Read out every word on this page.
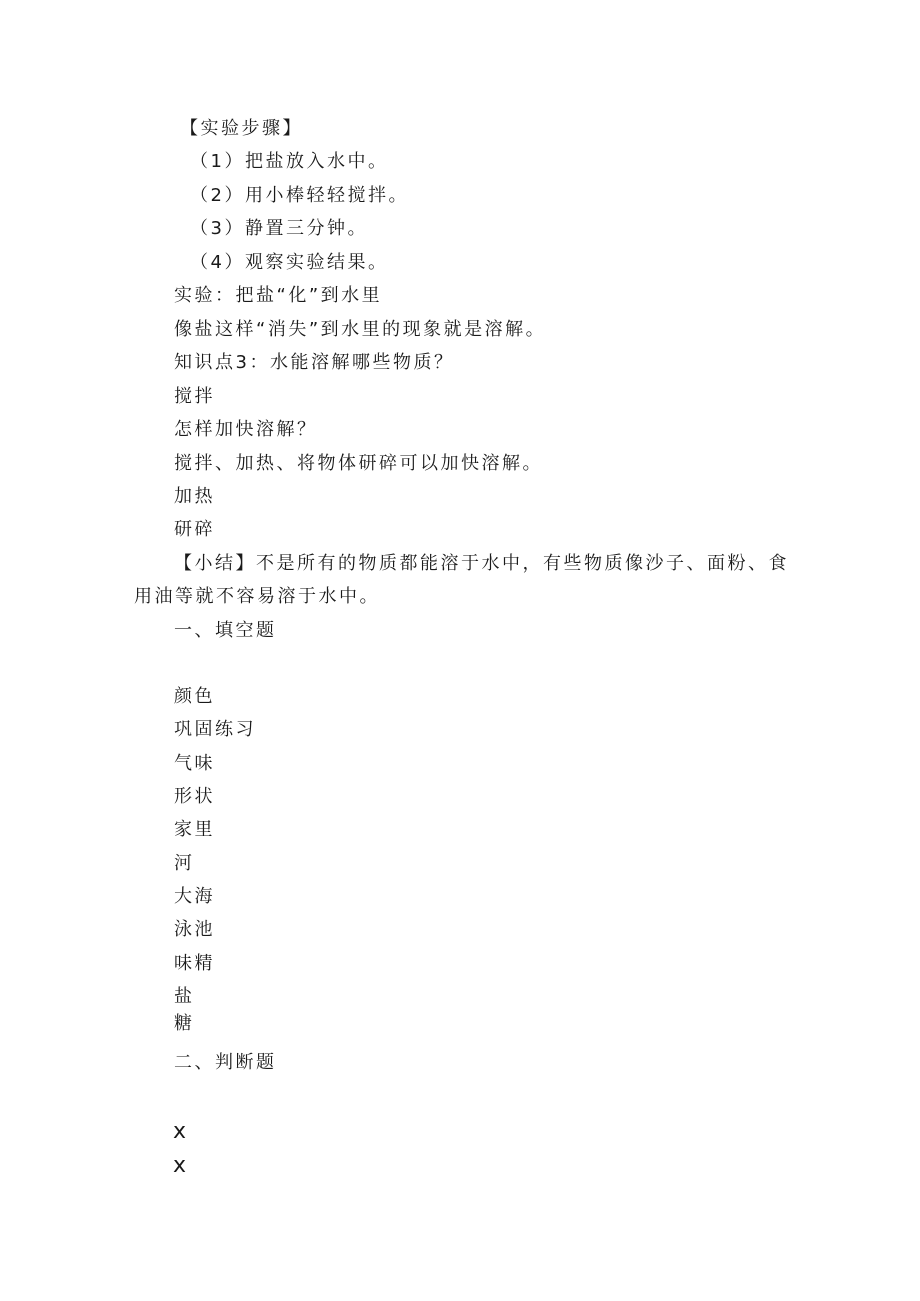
【实验步骤】
（1）把盐放入水中。
（2）用小棒轻轻搅拌。
（3）静置三分钟。
（4）观察实验结果。
实验：把盐“化”到水里
像盐这样“消失”到水里的现象就是溶解。
知识点3：水能溶解哪些物质？
搅拌
怎样加快溶解？
搅拌、加热、将物体研碎可以加快溶解。
加热
研碎
【小结】不是所有的物质都能溶于水中，有些物质像沙子、面粉、食用油等就不容易溶于水中。
一、填空题
颜色
巩固练习
气味
形状
家里
河
大海
泳池
味精
盐
糖
二、判断题
x
x
